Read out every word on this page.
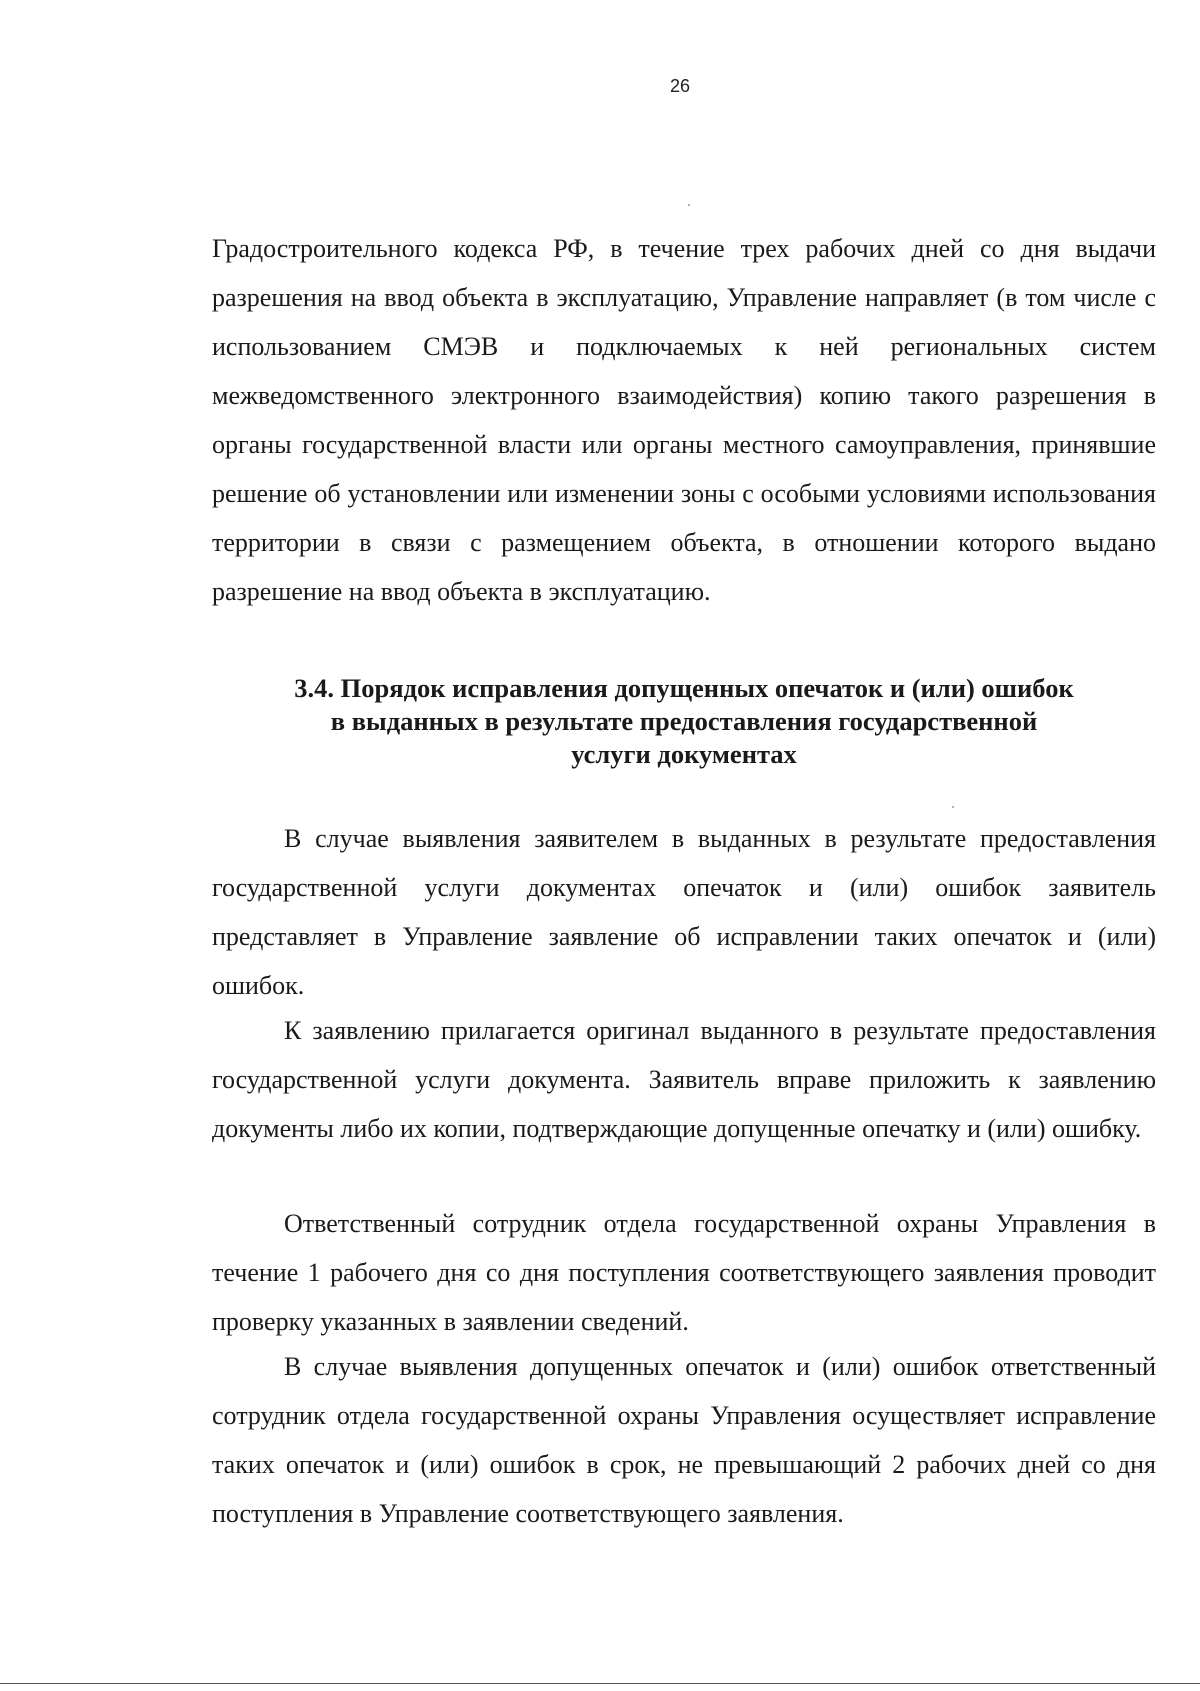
26

Градостроительного кодекса РФ, в течение трех рабочих дней со дня выдачи разрешения на ввод объекта в эксплуатацию, Управление направляет (в том числе с использованием СМЭВ и подключаемых к ней региональных систем межведомственного электронного взаимодействия) копию такого разрешения в органы государственной власти или органы местного самоуправления, принявшие решение об установлении или изменении зоны с особыми условиями использования территории в связи с размещением объекта, в отношении которого выдано разрешение на ввод объекта в эксплуатацию.

3.4. Порядок исправления допущенных опечаток и (или) ошибок
в выданных в результате предоставления государственной
услуги документах

В случае выявления заявителем в выданных в результате предоставления государственной услуги документах опечаток и (или) ошибок заявитель представляет в Управление заявление об исправлении таких опечаток и (или) ошибок.

К заявлению прилагается оригинал выданного в результате предоставления государственной услуги документа. Заявитель вправе приложить к заявлению документы либо их копии, подтверждающие допущенные опечатку и (или) ошибку.

Ответственный сотрудник отдела государственной охраны Управления в течение 1 рабочего дня со дня поступления соответствующего заявления проводит проверку указанных в заявлении сведений.

В случае выявления допущенных опечаток и (или) ошибок ответственный сотрудник отдела государственной охраны Управления осуществляет исправление таких опечаток и (или) ошибок в срок, не превышающий 2 рабочих дней со дня поступления в Управление соответствующего заявления.
